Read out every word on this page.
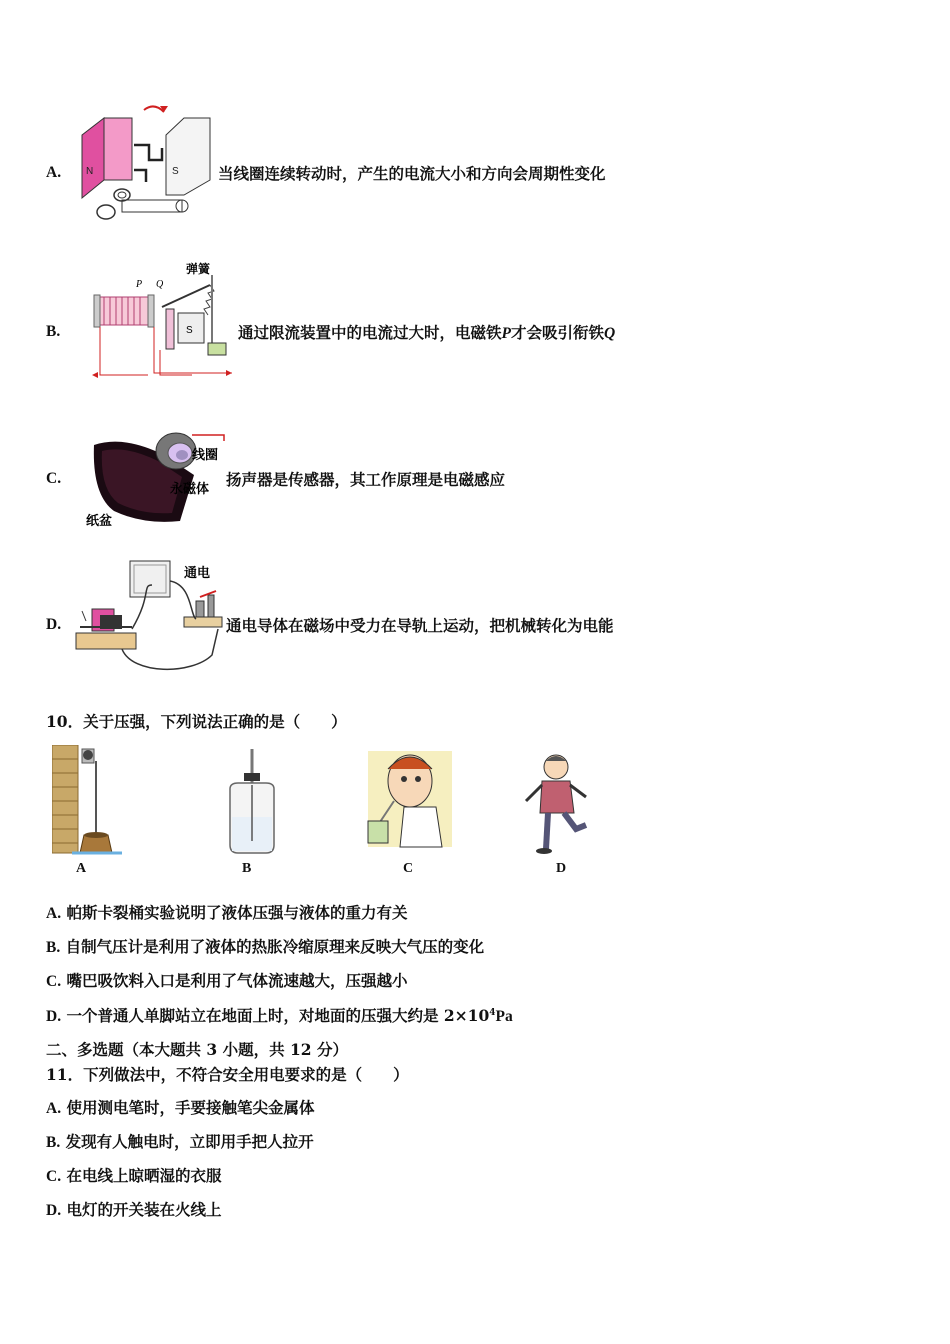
A. N	S	当线圈连续转动时，产生的电流大小和方向会周期性变化
B.
P Q
弹簧
S	通过限流装置中的电流过大时，电磁铁P才会吸引衔铁Q
C.
线圈
永磁体
纸盆
扬声器是传感器，其工作原理是电磁感应
D.
通电
通电导体在磁场中受力在导轨上运动，把机械转化为电能
10．关于压强，下列说法正确的是（　　）
A	B	C	D
A. 帕斯卡裂桶实验说明了液体压强与液体的重力有关
B. 自制气压计是利用了液体的热胀冷缩原理来反映大气压的变化
C. 嘴巴吸饮料入口是利用了气体流速越大，压强越小
D. 一个普通人单脚站立在地面上时，对地面的压强大约是 $2\times 10^4Pa$
二、多选题（本大题共 3 小题，共 12 分）
11．下列做法中，不符合安全用电要求的是（　　）
A. 使用测电笔时，手要接触笔尖金属体
B. 发现有人触电时，立即用手把人拉开
C. 在电线上晾晒湿的衣服
D. 电灯的开关装在火线上
